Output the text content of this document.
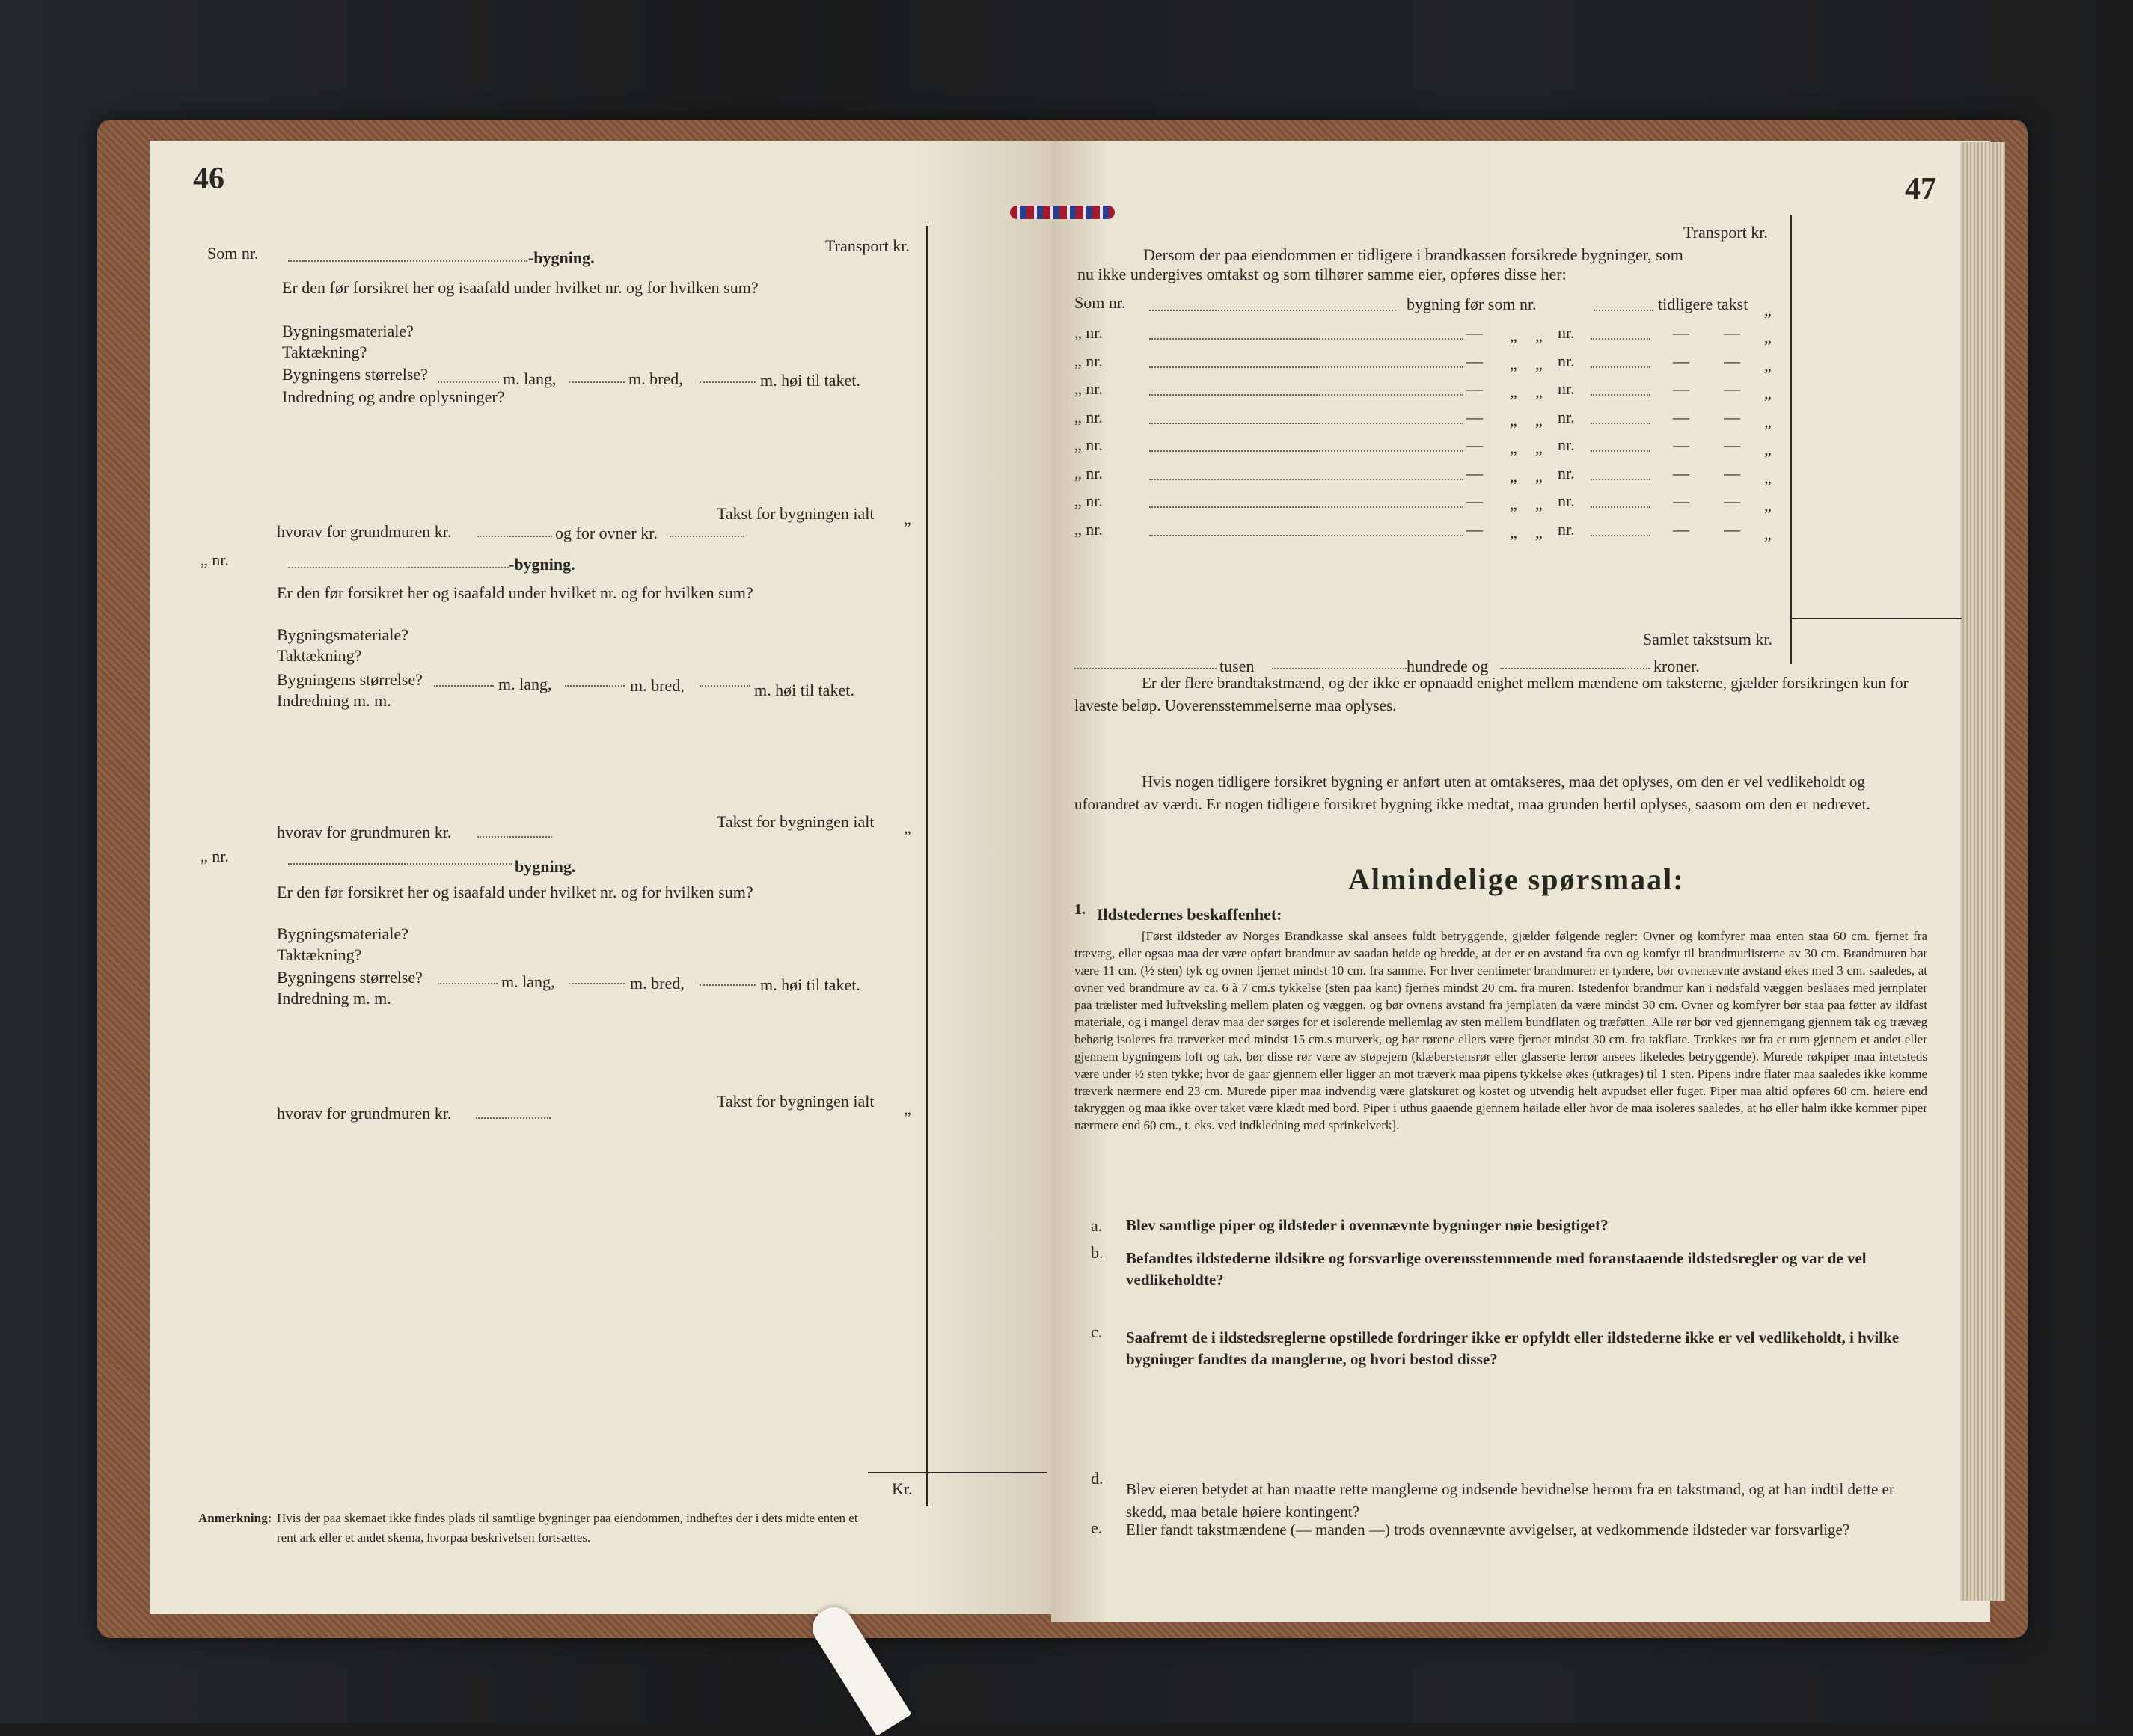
46
Transport kr.
Som nr.	-bygning.
Er den før forsikret her og isaafald under hvilket nr. og for hvilken sum?
Bygningsmateriale?
Taktækning?
Bygningens størrelse?	m. lang,	m. bred,	m. høi til taket.
Indredning og andre oplysninger?
Takst for bygningen ialt „
hvorav for grundmuren kr.	og for ovner kr.
„ nr.	-bygning.
Er den før forsikret her og isaafald under hvilket nr. og for hvilken sum?
Bygningsmateriale?
Taktækning?
Bygningens størrelse?	m. lang,	m. bred,	m. høi til taket.
Indredning m. m.
Takst for bygningen ialt „
hvorav for grundmuren kr.
„ nr.
bygning.
Er den før forsikret her og isaafald under hvilket nr. og for hvilken sum?
Bygningsmateriale?
Taktækning?
Bygningens størrelse?	m. lang,	m. bred,	m. høi til taket.
Indredning m. m.
Takst for bygningen ialt „
hvorav for grundmuren kr.
Kr.
Anmerkning: Hvis der paa skemaet ikke findes plads til samtlige bygninger paa eiendommen, indheftes der i dets midte enten et
rent ark eller et andet skema, hvorpaa beskrivelsen fortsættes.
47
Transport kr.
Dersom der paa eiendommen er tidligere i brandkassen forsikrede bygninger, som
nu ikke undergives omtakst og som tilhører samme eier, opføres disse her:
Som nr.	bygning før som nr.	tidligere takst „
„ nr.	— „ „ nr.	— — „
„ nr.	— „ „ nr.	— — „
„ nr.	— „ „ nr.	— — „
„ nr.	— „ „ nr.	— — „
„ nr.	— „ „ nr.	— — „
„ nr.	— „ „ nr.	— — „
„ nr.	— „ „ nr.	— — „
„ nr.	— „ „ nr.	— — „
Samlet takstsum kr.
tusen	hundrede og	kroner.
Er der flere brandtakstmænd, og der ikke er opnaadd enighet mellem mændene om taksterne, gjælder forsikringen kun for laveste beløp. Uoverensstemmelserne maa oplyses.
Hvis nogen tidligere forsikret bygning er anført uten at omtakseres, maa det oplyses, om den er vel vedlikeholdt og uforandret av værdi. Er nogen tidligere forsikret bygning ikke medtat, maa grunden hertil oplyses, saasom om den er nedrevet.
Almindelige spørsmaal:
1. Ildstedernes beskaffenhet:
[Først ildsteder av Norges Brandkasse skal ansees fuldt betryggende, gjælder følgende regler: Ovner og komfyrer maa enten staa 60 cm. fjernet fra trævæg, eller ogsaa maa der være opført brandmur av saadan høide og bredde, at der er en avstand fra ovn og komfyr til brandmurlisterne av 30 cm. Brandmuren bør være 11 cm. (½ sten) tyk og ovnen fjernet mindst 10 cm. fra samme. For hver centimeter brandmuren er tyndere, bør ovnenævnte avstand økes med 3 cm. saaledes, at ovner ved brandmure av ca. 6 à 7 cm.s tykkelse (sten paa kant) fjernes mindst 20 cm. fra muren. Istedenfor brandmur kan i nødsfald væggen beslaaes med jernplater paa trælister med luftveksling mellem platen og væggen, og bør ovnens avstand fra jernplaten da være mindst 30 cm. Ovner og komfyrer bør staa paa føtter av ildfast materiale, og i mangel derav maa der sørges for et isolerende mellemlag av sten mellem bundflaten og træføtten. Alle rør bør ved gjennemgang gjennem tak og trævæg behørig isoleres fra træverket med mindst 15 cm.s murverk, og bør rørene ellers være fjernet mindst 30 cm. fra takflate. Trækkes rør fra et rum gjennem et andet eller gjennem bygningens loft og tak, bør disse rør være av støpejern (klæberstensrør eller glasserte lerrør ansees likeledes betryggende). Murede røkpiper maa intetsteds være under ½ sten tykke; hvor de gaar gjennem eller ligger an mot træverk maa pipens tykkelse økes (utkrages) til 1 sten. Pipens indre flater maa saaledes ikke komme træverk nærmere end 23 cm. Murede piper maa indvendig være glatskuret og kostet og utvendig helt avpudset eller fuget. Piper maa altid opføres 60 cm. høiere end takryggen og maa ikke over taket være klædt med bord. Piper i uthus gaaende gjennem høilade eller hvor de maa isoleres saaledes, at hø eller halm ikke kommer piper nærmere end 60 cm., t. eks. ved indkledning med sprinkelverk].
a. Blev samtlige piper og ildsteder i ovennævnte bygninger nøie besigtiget?
b. Befandtes ildstederne ildsikre og forsvarlige overensstemmende med foranstaaende ildstedsregler og var de vel vedlikeholdte?
c. Saafremt de i ildstedsreglerne opstillede fordringer ikke er opfyldt eller ildstederne ikke er vel vedlikeholdt, i hvilke bygninger fandtes da manglerne, og hvori bestod disse?
d.
Blev eieren betydet at han maatte rette manglerne og indsende bevidnelse herom fra en takstmand, og at han indtil dette er skedd, maa betale høiere kontingent?
e. Eller fandt takstmændene (— manden —) trods ovennævnte avvigelser, at vedkommende ildsteder var forsvarlige?
